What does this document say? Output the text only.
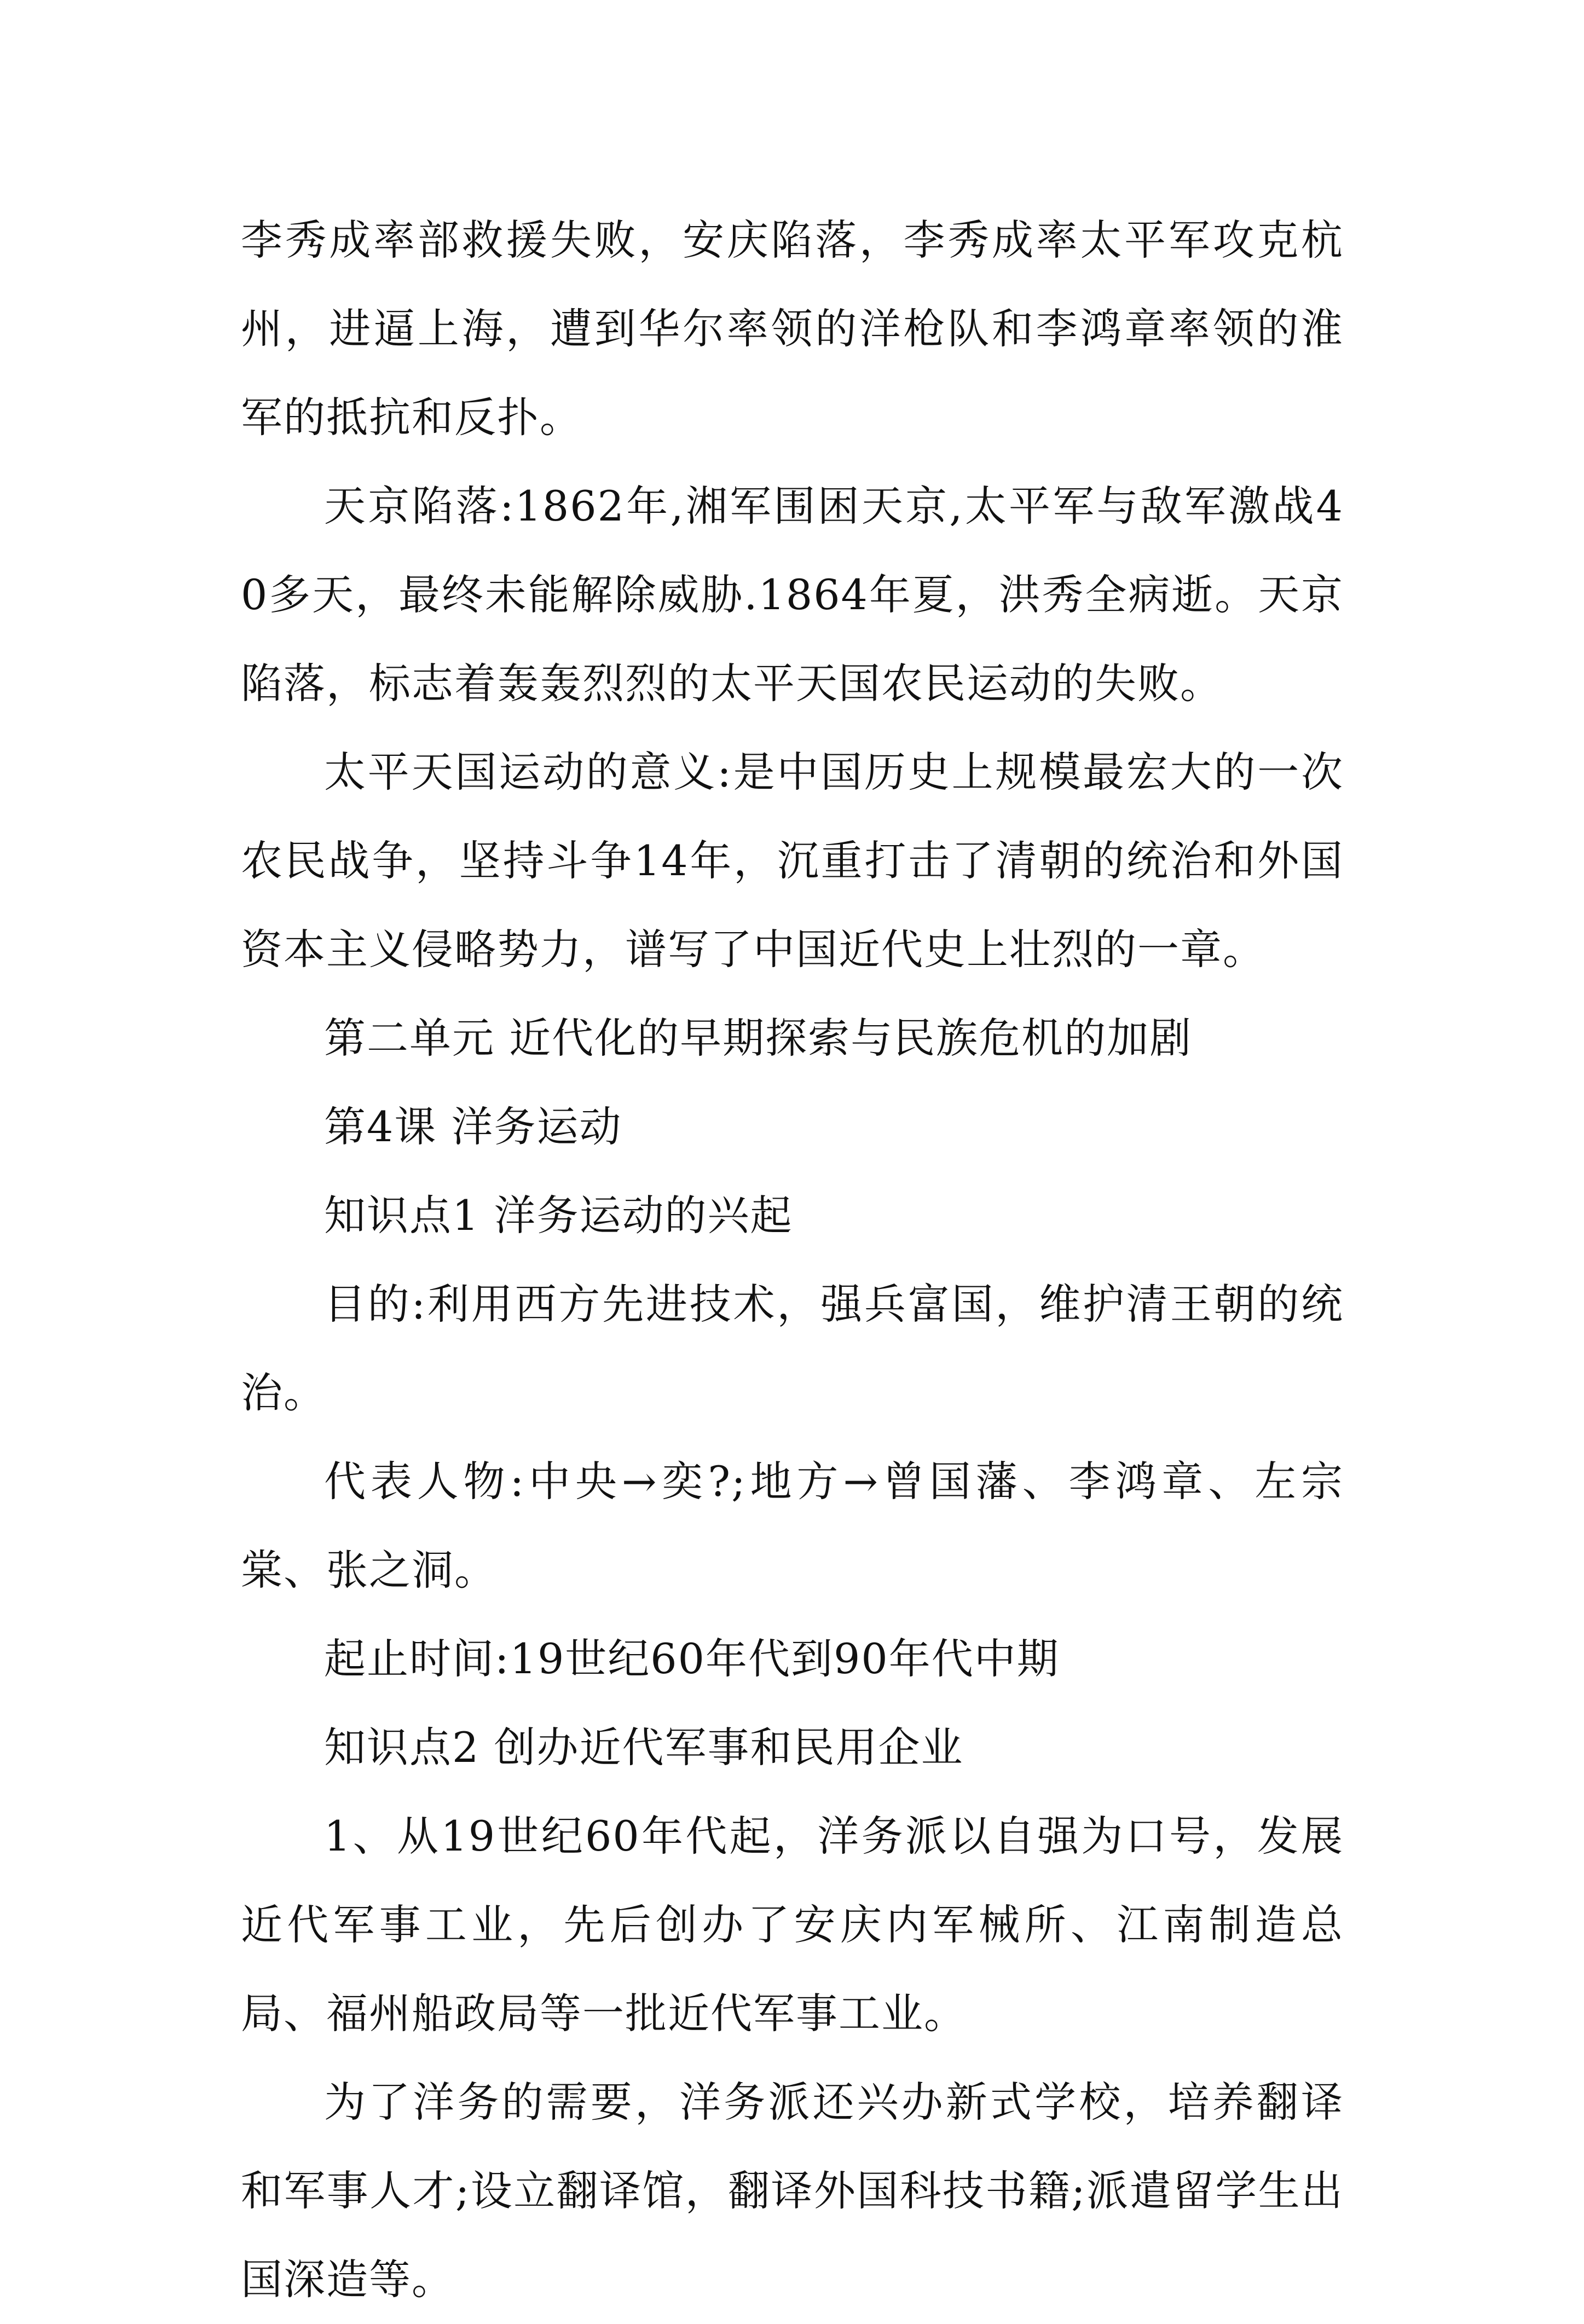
李秀成率部救援失败，安庆陷落，李秀成率太平军攻克杭州，进逼上海，遭到华尔率领的洋枪队和李鸿章率领的淮军的抵抗和反扑。

天京陷落:1862年,湘军围困天京,太平军与敌军激战40多天，最终未能解除威胁.1864年夏，洪秀全病逝。天京陷落，标志着轰轰烈烈的太平天国农民运动的失败。

太平天国运动的意义:是中国历史上规模最宏大的一次农民战争，坚持斗争14年，沉重打击了清朝的统治和外国资本主义侵略势力，谱写了中国近代史上壮烈的一章。

第二单元 近代化的早期探索与民族危机的加剧

第4课 洋务运动

知识点1 洋务运动的兴起

目的:利用西方先进技术，强兵富国，维护清王朝的统治。

代表人物:中央→奕?;地方→曾国藩、李鸿章、左宗棠、张之洞。

起止时间:19世纪60年代到90年代中期

知识点2 创办近代军事和民用企业

1、从19世纪60年代起，洋务派以自强为口号，发展近代军事工业，先后创办了安庆内军械所、江南制造总局、福州船政局等一批近代军事工业。

为了洋务的需要，洋务派还兴办新式学校，培养翻译和军事人才;设立翻译馆，翻译外国科技书籍;派遣留学生出国深造等。
